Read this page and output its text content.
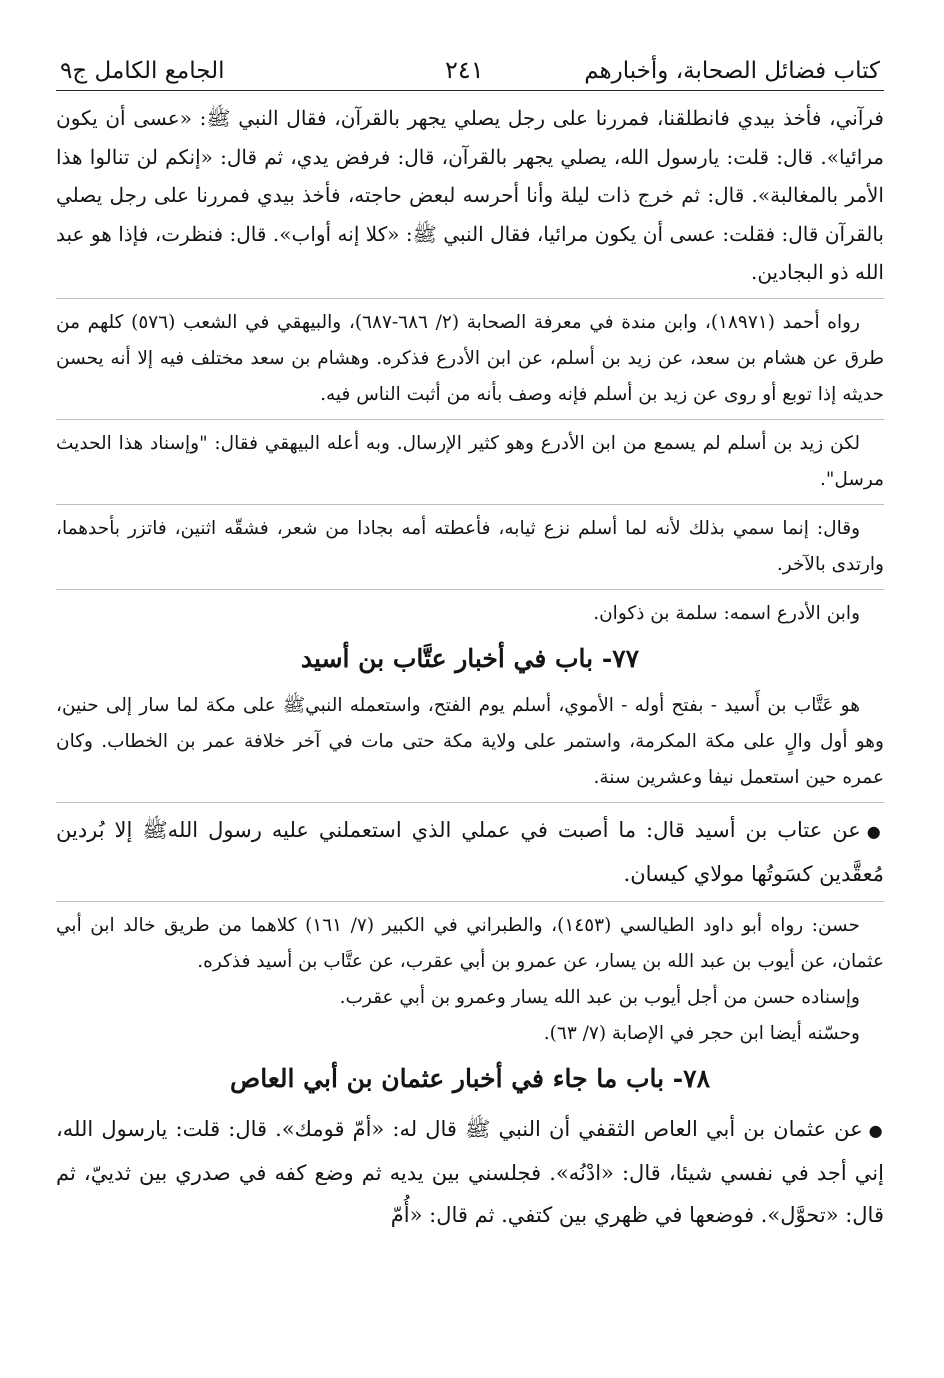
كتاب فضائل الصحابة، وأخبارهم
٢٤١
الجامع الكامل ج٩

فرآني، فأخذ بيدي فانطلقنا، فمررنا على رجل يصلي يجهر بالقرآن، فقال النبي ﷺ: «عسى أن يكون مرائيا». قال: قلت: يارسول الله، يصلي يجهر بالقرآن، قال: فرفض يدي، ثم قال: «إنكم لن تنالوا هذا الأمر بالمغالبة». قال: ثم خرج ذات ليلة وأنا أحرسه لبعض حاجته، فأخذ بيدي فمررنا على رجل يصلي بالقرآن قال: فقلت: عسى أن يكون مرائيا، فقال النبي ﷺ: «كلا إنه أواب». قال: فنظرت، فإذا هو عبد الله ذو البجادين.

رواه أحمد (١٨٩٧١)، وابن مندة في معرفة الصحابة (٢/ ٦٨٦-٦٨٧)، والبيهقي في الشعب (٥٧٦) كلهم من طرق عن هشام بن سعد، عن زيد بن أسلم، عن ابن الأدرع فذكره. وهشام بن سعد مختلف فيه إلا أنه يحسن حديثه إذا توبع أو روى عن زيد بن أسلم فإنه وصف بأنه من أثبت الناس فيه.

لكن زيد بن أسلم لم يسمع من ابن الأدرع وهو كثير الإرسال. وبه أعله البيهقي فقال: "وإسناد هذا الحديث مرسل".

وقال: إنما سمي بذلك لأنه لما أسلم نزع ثيابه، فأعطته أمه بجادا من شعر، فشقّه اثنين، فاتزر بأحدهما، وارتدى بالآخر.

وابن الأدرع اسمه: سلمة بن ذكوان.

٧٧- باب في أخبار عتَّاب بن أسيد

هو عَتَّاب بن أَسيد - بفتح أوله - الأموي، أسلم يوم الفتح، واستعمله النبيﷺ على مكة لما سار إلى حنين، وهو أول والٍ على مكة المكرمة، واستمر على ولاية مكة حتى مات في آخر خلافة عمر بن الخطاب. وكان عمره حين استعمل نيفا وعشرين سنة.

●عن عتاب بن أسيد قال: ما أصبت في عملي الذي استعملني عليه رسول اللهﷺ إلا بُردين مُعقَّدين كسَوتُها مولاي كيسان.

حسن: رواه أبو داود الطيالسي (١٤٥٣)، والطبراني في الكبير (٧/ ١٦١) كلاهما من طريق خالد ابن أبي عثمان، عن أيوب بن عبد الله بن يسار، عن عمرو بن أبي عقرب، عن عتَّاب بن أسيد فذكره.

وإسناده حسن من أجل أيوب بن عبد الله يسار وعمرو بن أبي عقرب.

وحسّنه أيضا ابن حجر في الإصابة (٧/ ٦٣).

٧٨- باب ما جاء في أخبار عثمان بن أبي العاص

●عن عثمان بن أبي العاص الثقفي أن النبي ﷺ قال له: «أمّ قومك». قال: قلت: يارسول الله، إني أجد في نفسي شيئا، قال: «ادْنُه». فجلسني بين يديه ثم وضع كفه في صدري بين ثدييّ، ثم قال: «تحوَّل». فوضعها في ظهري بين كتفي. ثم قال: «أُمّ
